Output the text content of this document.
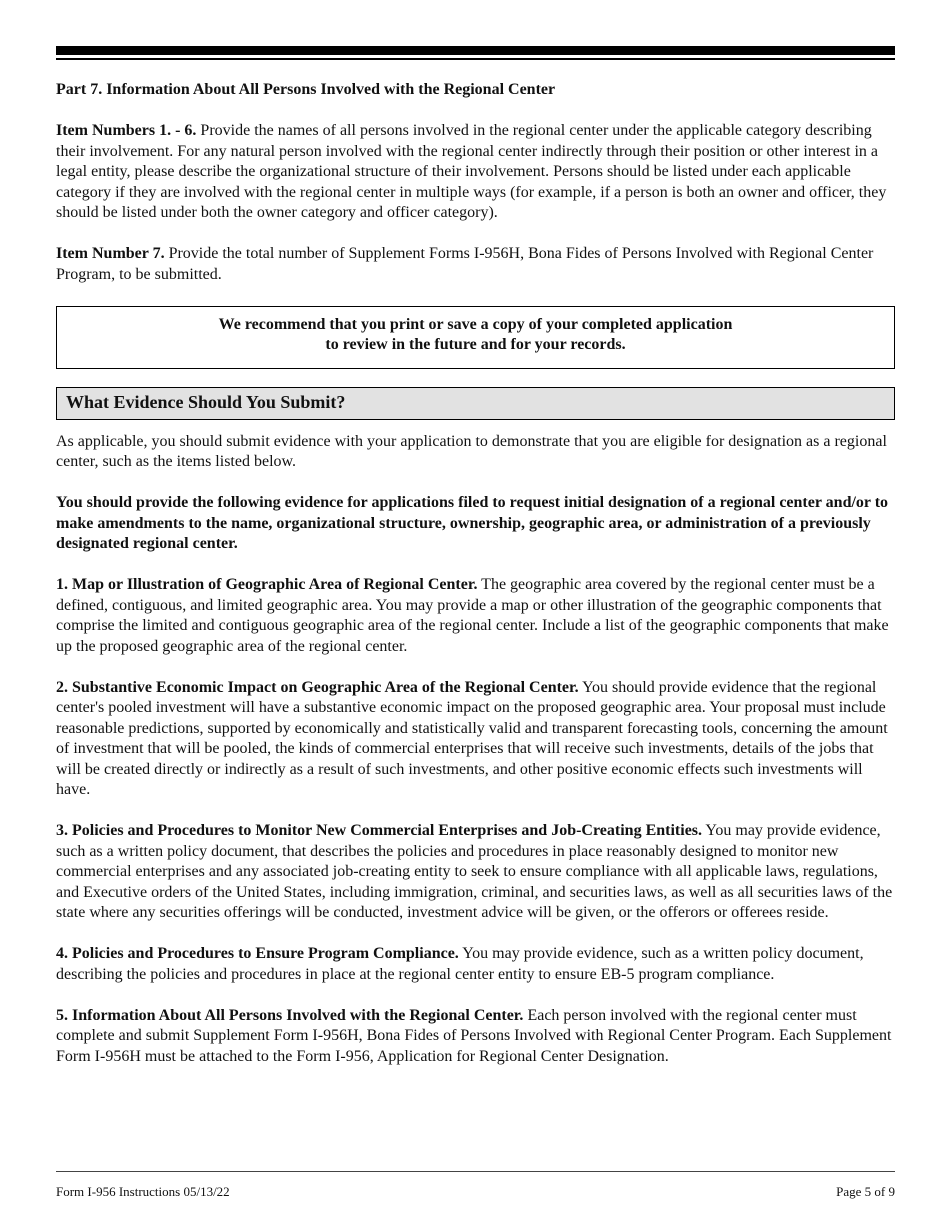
Part 7. Information About All Persons Involved with the Regional Center

Item Numbers 1. - 6. Provide the names of all persons involved in the regional center under the applicable category describing their involvement. For any natural person involved with the regional center indirectly through their position or other interest in a legal entity, please describe the organizational structure of their involvement. Persons should be listed under each applicable category if they are involved with the regional center in multiple ways (for example, if a person is both an owner and officer, they should be listed under both the owner category and officer category).

Item Number 7. Provide the total number of Supplement Forms I-956H, Bona Fides of Persons Involved with Regional Center Program, to be submitted.

We recommend that you print or save a copy of your completed application
to review in the future and for your records.
What Evidence Should You Submit?

As applicable, you should submit evidence with your application to demonstrate that you are eligible for designation as a regional center, such as the items listed below.

You should provide the following evidence for applications filed to request initial designation of a regional center and/or to make amendments to the name, organizational structure, ownership, geographic area, or administration of a previously designated regional center.

1. Map or Illustration of Geographic Area of Regional Center. The geographic area covered by the regional center must be a defined, contiguous, and limited geographic area. You may provide a map or other illustration of the geographic components that comprise the limited and contiguous geographic area of the regional center. Include a list of the geographic components that make up the proposed geographic area of the regional center.

2. Substantive Economic Impact on Geographic Area of the Regional Center. You should provide evidence that the regional center's pooled investment will have a substantive economic impact on the proposed geographic area. Your proposal must include reasonable predictions, supported by economically and statistically valid and transparent forecasting tools, concerning the amount of investment that will be pooled, the kinds of commercial enterprises that will receive such investments, details of the jobs that will be created directly or indirectly as a result of such investments, and other positive economic effects such investments will have.

3. Policies and Procedures to Monitor New Commercial Enterprises and Job-Creating Entities. You may provide evidence, such as a written policy document, that describes the policies and procedures in place reasonably designed to monitor new commercial enterprises and any associated job-creating entity to seek to ensure compliance with all applicable laws, regulations, and Executive orders of the United States, including immigration, criminal, and securities laws, as well as all securities laws of the state where any securities offerings will be conducted, investment advice will be given, or the offerors or offerees reside.

4. Policies and Procedures to Ensure Program Compliance. You may provide evidence, such as a written policy document, describing the policies and procedures in place at the regional center entity to ensure EB-5 program compliance.

5. Information About All Persons Involved with the Regional Center. Each person involved with the regional center must complete and submit Supplement Form I-956H, Bona Fides of Persons Involved with Regional Center Program. Each Supplement Form I-956H must be attached to the Form I-956, Application for Regional Center Designation.

Form I-956 Instructions 05/13/22	Page 5 of 9
